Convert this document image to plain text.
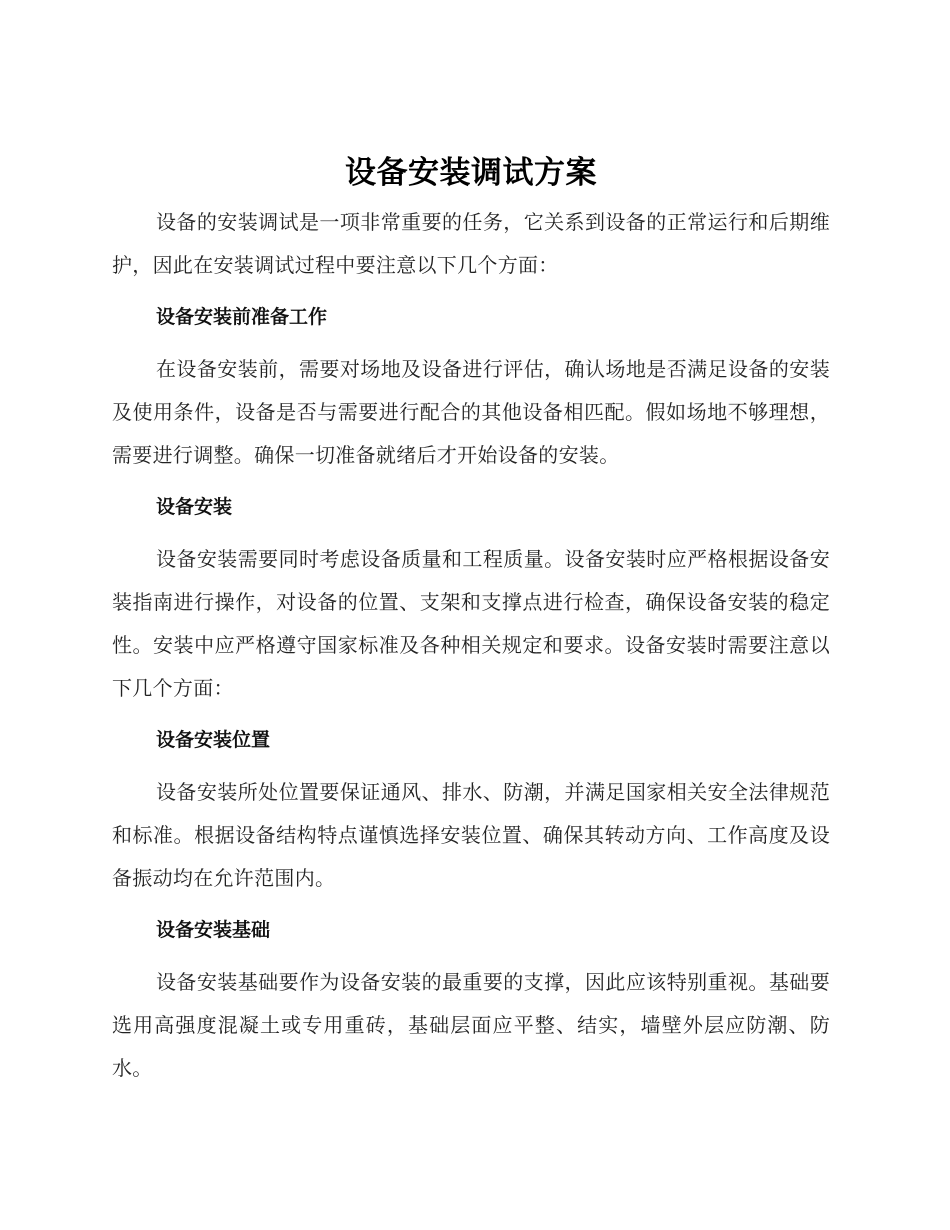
设备安装调试方案

设备的安装调试是一项非常重要的任务，它关系到设备的正常运行和后期维护，因此在安装调试过程中要注意以下几个方面：

设备安装前准备工作

在设备安装前，需要对场地及设备进行评估，确认场地是否满足设备的安装及使用条件，设备是否与需要进行配合的其他设备相匹配。假如场地不够理想，需要进行调整。确保一切准备就绪后才开始设备的安装。

设备安装

设备安装需要同时考虑设备质量和工程质量。设备安装时应严格根据设备安装指南进行操作，对设备的位置、支架和支撑点进行检查，确保设备安装的稳定性。安装中应严格遵守国家标准及各种相关规定和要求。设备安装时需要注意以下几个方面：

设备安装位置

设备安装所处位置要保证通风、排水、防潮，并满足国家相关安全法律规范和标准。根据设备结构特点谨慎选择安装位置、确保其转动方向、工作高度及设备振动均在允许范围内。

设备安装基础

设备安装基础要作为设备安装的最重要的支撑，因此应该特别重视。基础要选用高强度混凝土或专用重砖，基础层面应平整、结实，墙壁外层应防潮、防水。
